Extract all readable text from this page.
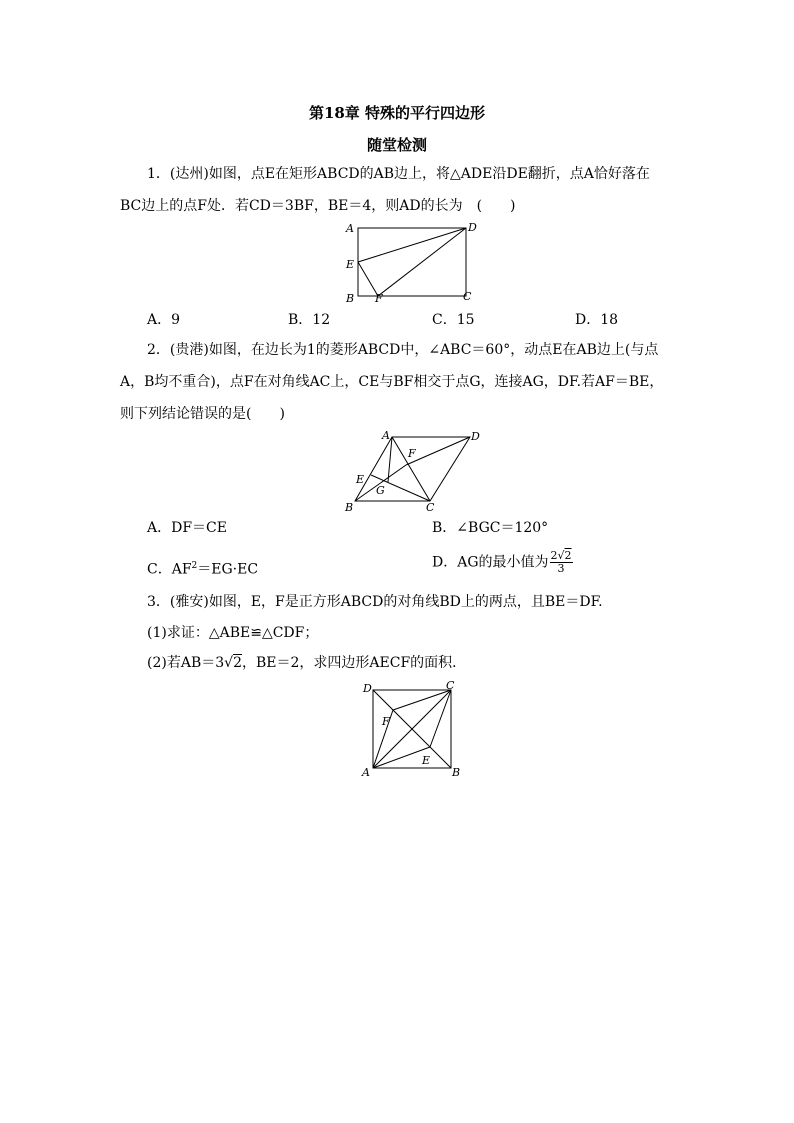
第18章 特殊的平行四边形
随堂检测
1．(达州)如图，点E在矩形ABCD的AB边上，将△ADE沿DE翻折，点A恰好落在
BC边上的点F处．若CD＝3BF，BE＝4，则AD的长为　(　　)
A	D
E
B F	C
A．9	B．12	C．15	D．18
2．(贵港)如图，在边长为1的菱形ABCD中，∠ABC＝60°，动点E在AB边上(与点
A，B均不重合)，点F在对角线AC上，CE与BF相交于点G，连接AG，DF.若AF＝BE，
则下列结论错误的是(　　)
A	D
F
E
G
B	C
A．DF＝CE	B．∠BGC＝120°
C．$AF^2=EG\cdot EC$	D．AG的最小值为 $\frac{2√2}{3}$
3．(雅安)如图，E，F是正方形ABCD的对角线BD上的两点，且BE＝DF.
(1)求证：△ABE≌△CDF；
(2)若AB＝3√2，BE＝2，求四边形AECF的面积．
D	C
F
E
A	B
